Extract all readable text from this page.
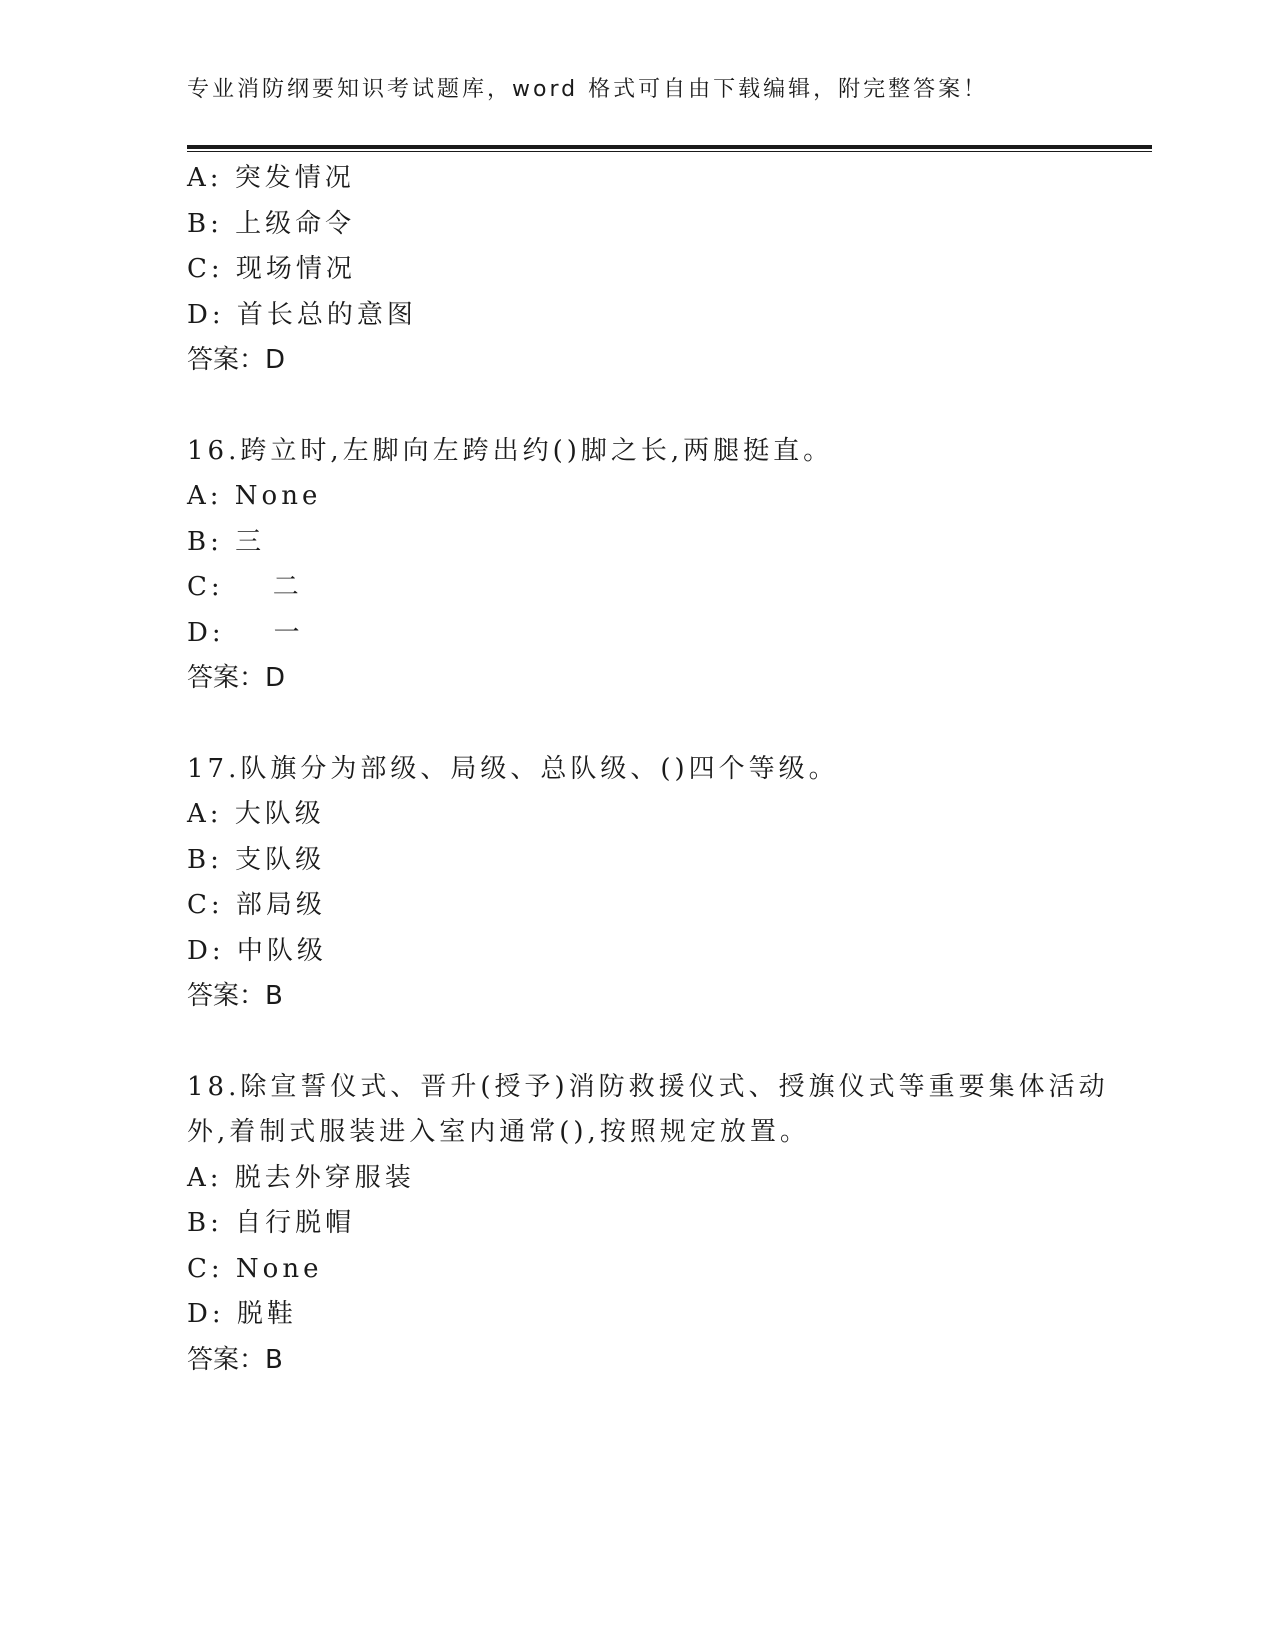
专业消防纲要知识考试题库，word 格式可自由下载编辑，附完整答案！
A: 突发情况
B: 上级命令
C: 现场情况
D: 首长总的意图
答案：D
16.跨立时,左脚向左跨出约()脚之长,两腿挺直。
A: None
B: 三
C:    二
D:    一
答案：D
17.队旗分为部级、局级、总队级、()四个等级。
A: 大队级
B: 支队级
C: 部局级
D: 中队级
答案：B
18.除宣誓仪式、晋升(授予)消防救援仪式、授旗仪式等重要集体活动
外,着制式服装进入室内通常(),按照规定放置。
A: 脱去外穿服装
B: 自行脱帽
C: None
D: 脱鞋
答案：B
